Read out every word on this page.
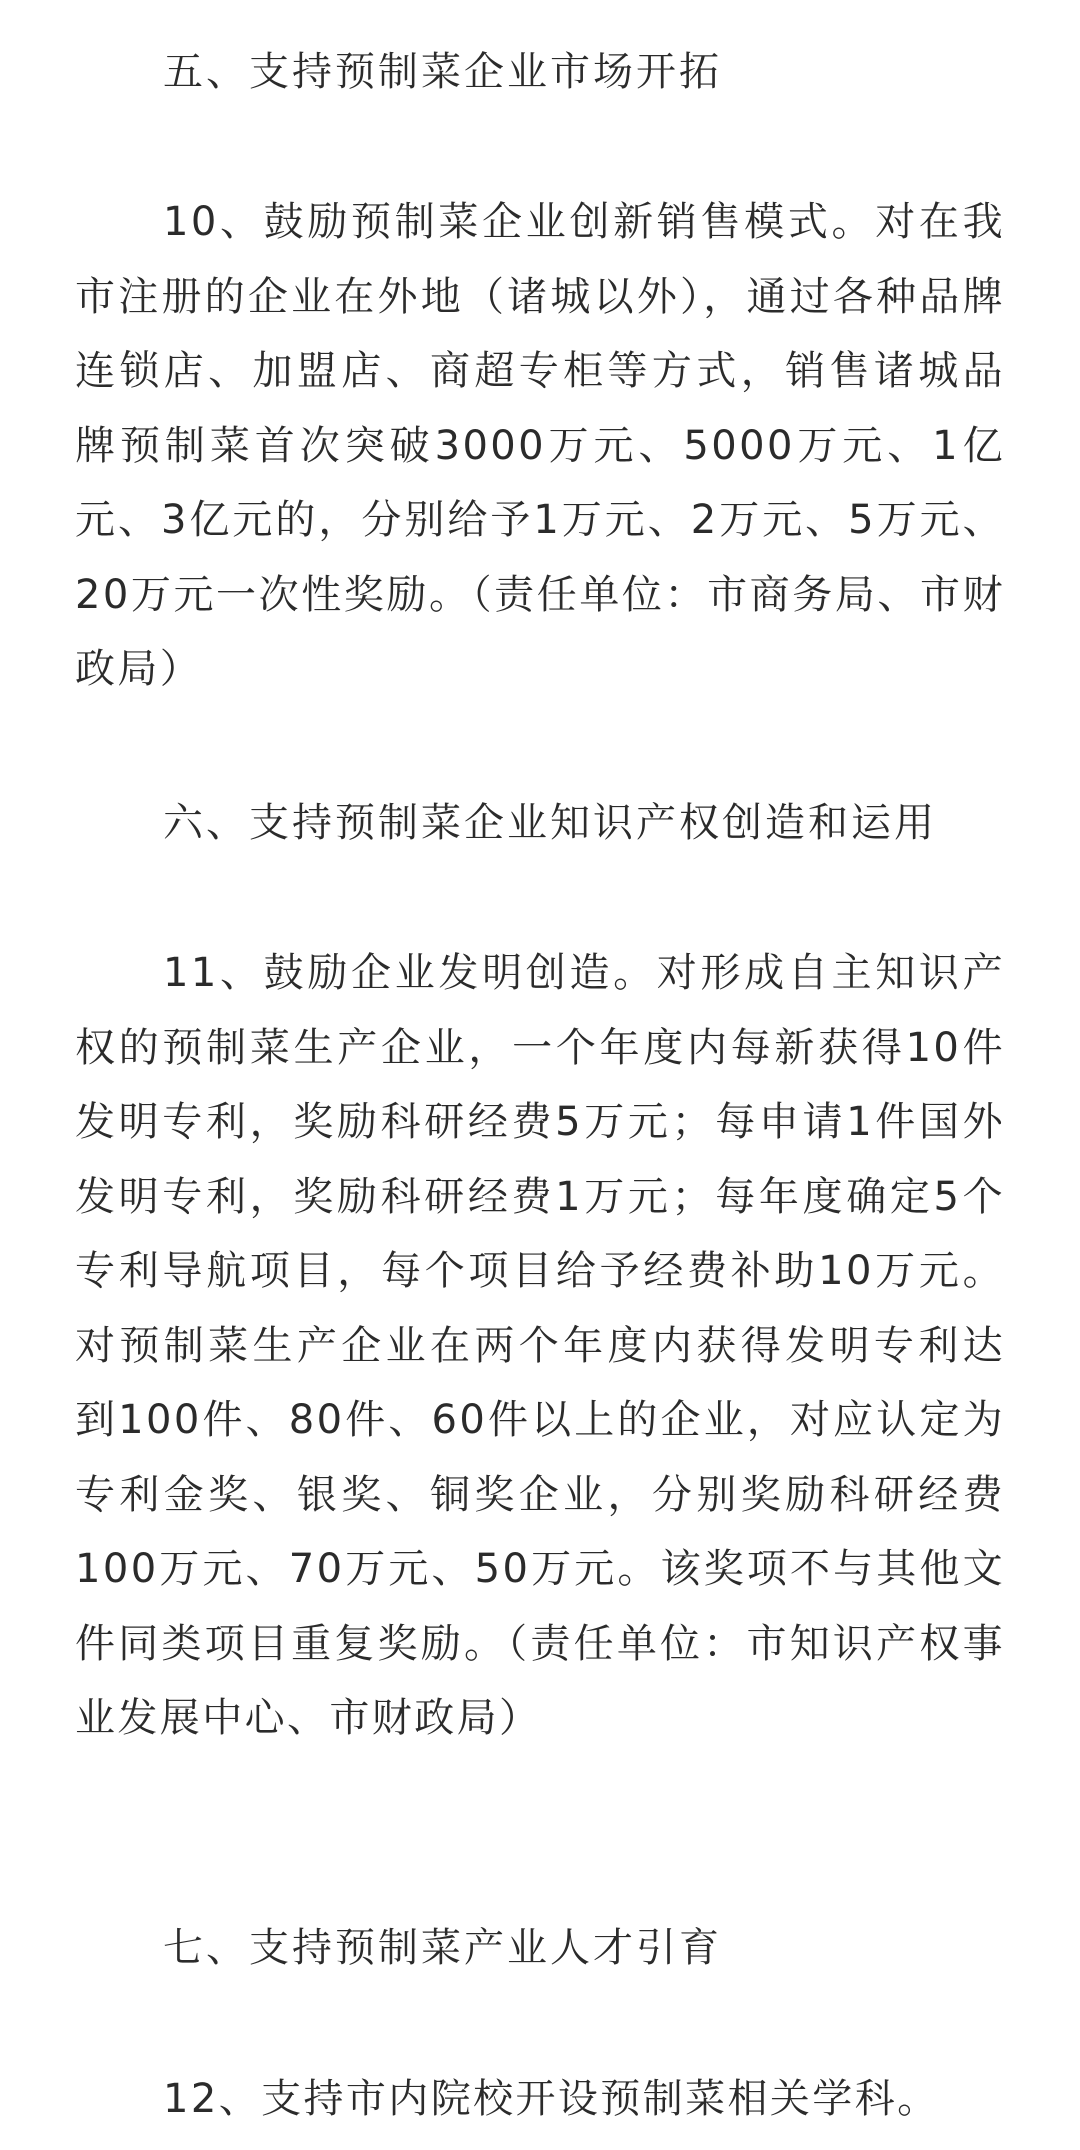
五、支持预制菜企业市场开拓

10、鼓励预制菜企业创新销售模式。对在我市注册的企业在外地（诸城以外），通过各种品牌连锁店、加盟店、商超专柜等方式，销售诸城品牌预制菜首次突破3000万元、5000万元、1亿元、3亿元的，分别给予1万元、2万元、5万元、20万元一次性奖励。（责任单位：市商务局、市财政局）

六、支持预制菜企业知识产权创造和运用

11、鼓励企业发明创造。对形成自主知识产权的预制菜生产企业，一个年度内每新获得10件发明专利，奖励科研经费5万元；每申请1件国外发明专利，奖励科研经费1万元；每年度确定5个专利导航项目，每个项目给予经费补助10万元。对预制菜生产企业在两个年度内获得发明专利达到100件、80件、60件以上的企业，对应认定为专利金奖、银奖、铜奖企业，分别奖励科研经费100万元、70万元、50万元。该奖项不与其他文件同类项目重复奖励。（责任单位：市知识产权事业发展中心、市财政局）

七、支持预制菜产业人才引育

12、支持市内院校开设预制菜相关学科。
